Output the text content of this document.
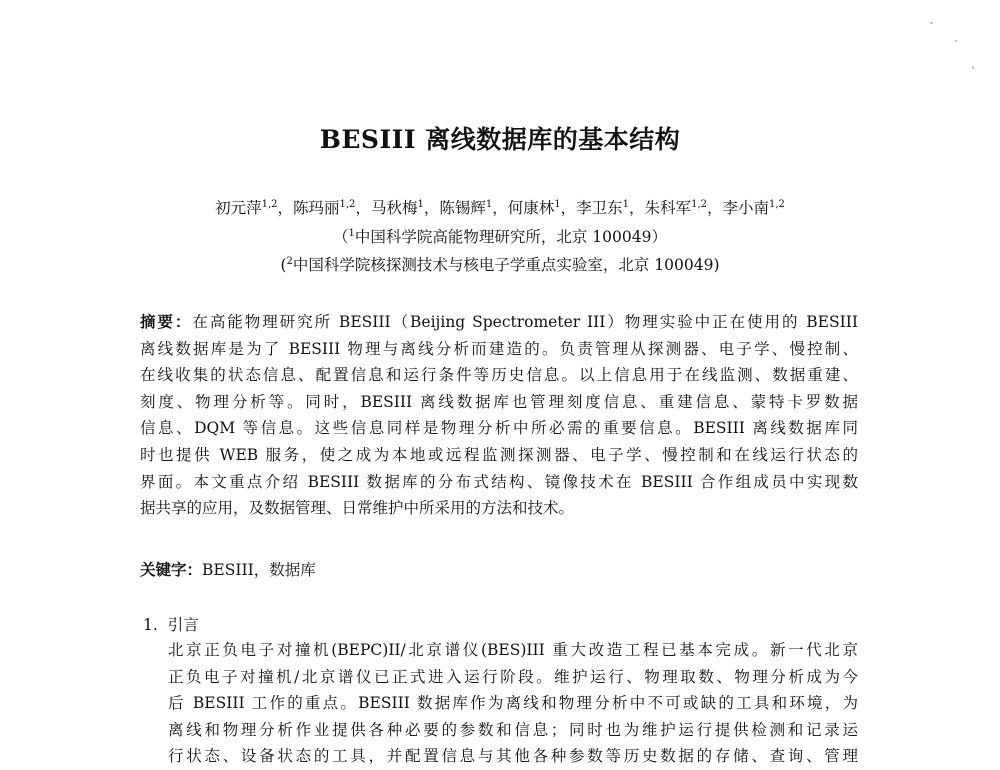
BESIII 离线数据库的基本结构
初元萍$^{1,2}$，陈玛丽$^{1,2}$，马秋梅$^1$，陈锡辉$^1$，何康林$^1$，李卫东$^1$，朱科军$^{1,2}$，李小南$^{1,2}$
（$^1$中国科学院高能物理研究所，北京 100049）
($^2$中国科学院核探测技术与核电子学重点实验室，北京 100049)
摘要：在高能物理研究所 BESIII（Beijing Spectrometer III）物理实验中正在使用的 BESIII
离线数据库是为了 BESIII 物理与离线分析而建造的。负责管理从探测器、电子学、慢控制、
在线收集的状态信息、配置信息和运行条件等历史信息。以上信息用于在线监测、数据重建、
刻度、物理分析等。同时，BESIII 离线数据库也管理刻度信息、重建信息、蒙特卡罗数据
信息、DQM 等信息。这些信息同样是物理分析中所必需的重要信息。BESIII 离线数据库同
时也提供 WEB 服务，使之成为本地或远程监测探测器、电子学、慢控制和在线运行状态的
界面。本文重点介绍 BESIII 数据库的分布式结构、镜像技术在 BESIII 合作组成员中实现数
据共享的应用，及数据管理、日常维护中所采用的方法和技术。
关键字：BESIII，数据库
1. 引言
北京正负电子对撞机(BEPC)II/北京谱仪(BES)III 重大改造工程已基本完成。新一代北京
正负电子对撞机/北京谱仪已正式进入运行阶段。维护运行、物理取数、物理分析成为今
后 BESIII 工作的重点。BESIII 数据库作为离线和物理分析中不可或缺的工具和环境，为
离线和物理分析作业提供各种必要的参数和信息；同时也为维护运行提供检测和记录运
行状态、设备状态的工具，并配置信息与其他各种参数等历史数据的存储、查询、管理
